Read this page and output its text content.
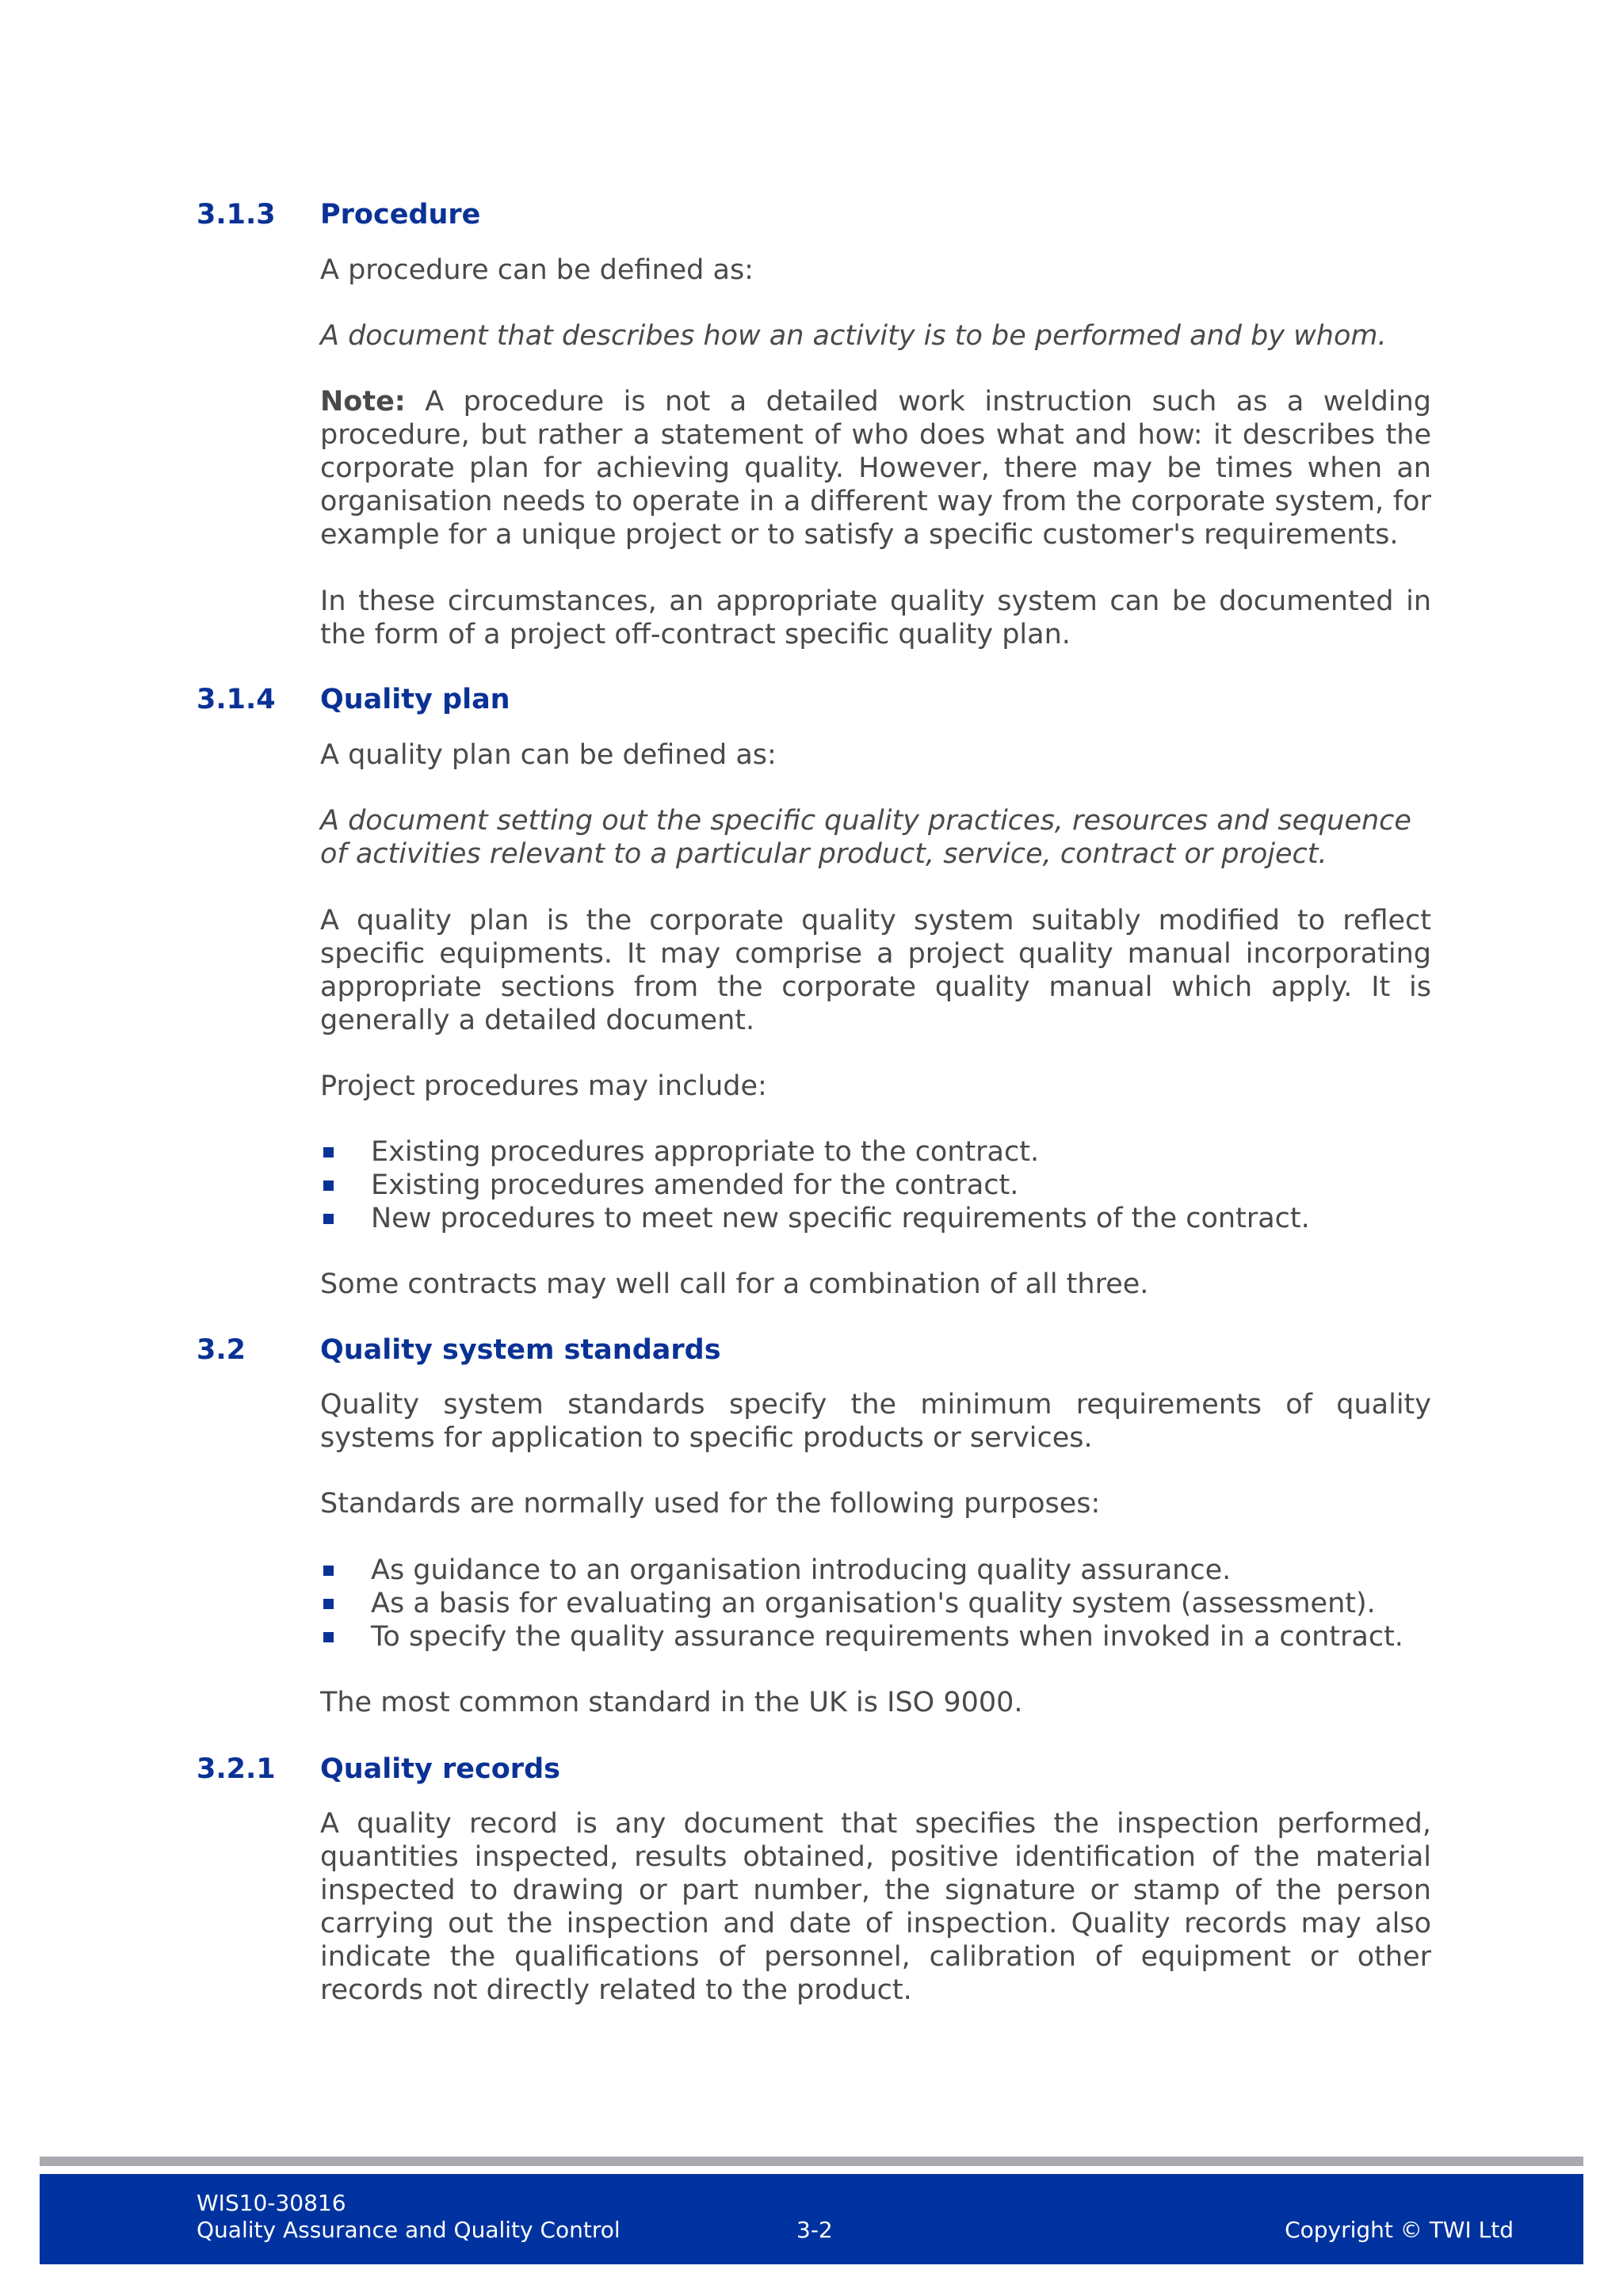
3.1.3 Procedure

A procedure can be defined as:

A document that describes how an activity is to be performed and by whom.

Note: A procedure is not a detailed work instruction such as a welding procedure, but rather a statement of who does what and how: it describes the corporate plan for achieving quality. However, there may be times when an organisation needs to operate in a different way from the corporate system, for example for a unique project or to satisfy a specific customer's requirements.

In these circumstances, an appropriate quality system can be documented in the form of a project off-contract specific quality plan.

3.1.4 Quality plan

A quality plan can be defined as:

A document setting out the specific quality practices, resources and sequence of activities relevant to a particular product, service, contract or project.

A quality plan is the corporate quality system suitably modified to reflect specific equipments. It may comprise a project quality manual incorporating appropriate sections from the corporate quality manual which apply. It is generally a detailed document.

Project procedures may include:

Existing procedures appropriate to the contract.
Existing procedures amended for the contract.
New procedures to meet new specific requirements of the contract.

Some contracts may well call for a combination of all three.

3.2	Quality system standards

Quality system standards specify the minimum requirements of quality systems for application to specific products or services.

Standards are normally used for the following purposes:

As guidance to an organisation introducing quality assurance.
As a basis for evaluating an organisation's quality system (assessment).
To specify the quality assurance requirements when invoked in a contract.

The most common standard in the UK is ISO 9000.

3.2.1 Quality records

A quality record is any document that specifies the inspection performed, quantities inspected, results obtained, positive identification of the material inspected to drawing or part number, the signature or stamp of the person carrying out the inspection and date of inspection. Quality records may also indicate the qualifications of personnel, calibration of equipment or other records not directly related to the product.

WIS10-30816
Quality Assurance and Quality Control	3-2	Copyright © TWI Ltd
